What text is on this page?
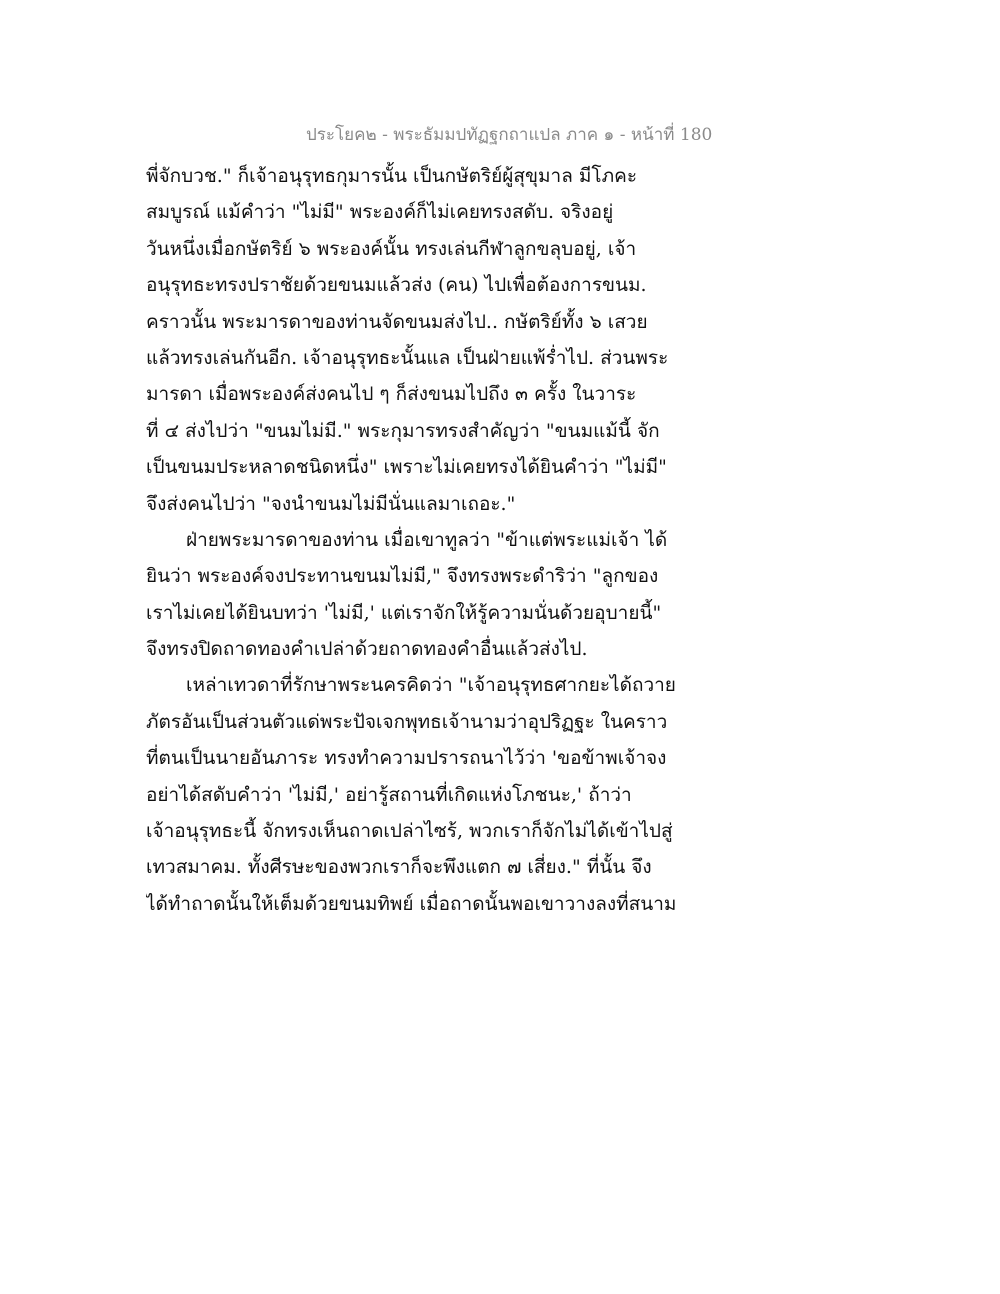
ประโยค๒ - พระธัมมปทัฏฐกถาแปล ภาค ๑ - หน้าที่ 180
พี่จักบวช." ก็เจ้าอนุรุทธกุมารนั้น เป็นกษัตริย์ผู้สุขุมาล มีโภคะ
สมบูรณ์ แม้คำว่า "ไม่มี" พระองค์ก็ไม่เคยทรงสดับ. จริงอยู่
วันหนึ่งเมื่อกษัตริย์ ๖ พระองค์นั้น ทรงเล่นกีฬาลูกขลุบอยู่, เจ้า
อนุรุทธะทรงปราชัยด้วยขนมแล้วส่ง (คน) ไปเพื่อต้องการขนม.
คราวนั้น พระมารดาของท่านจัดขนมส่งไป.. กษัตริย์ทั้ง ๖ เสวย
แล้วทรงเล่นกันอีก. เจ้าอนุรุทธะนั้นแล เป็นฝ่ายแพ้ร่ำไป. ส่วนพระ
มารดา เมื่อพระองค์ส่งคนไป ๆ ก็ส่งขนมไปถึง ๓ ครั้ง ในวาระ
ที่ ๔ ส่งไปว่า "ขนมไม่มี." พระกุมารทรงสำคัญว่า "ขนมแม้นี้ จัก
เป็นขนมประหลาดชนิดหนึ่ง" เพราะไม่เคยทรงได้ยินคำว่า "ไม่มี"
จึงส่งคนไปว่า "จงนำขนมไม่มีนั่นแลมาเถอะ."
ฝ่ายพระมารดาของท่าน เมื่อเขาทูลว่า "ข้าแต่พระแม่เจ้า ได้
ยินว่า พระองค์จงประทานขนมไม่มี," จึงทรงพระดำริว่า "ลูกของ
เราไม่เคยได้ยินบทว่า 'ไม่มี,' แต่เราจักให้รู้ความนั่นด้วยอุบายนี้"
จึงทรงปิดถาดทองคำเปล่าด้วยถาดทองคำอื่นแล้วส่งไป.
เหล่าเทวดาที่รักษาพระนครคิดว่า "เจ้าอนุรุทธศากยะได้ถวาย
ภัตรอันเป็นส่วนตัวแด่พระปัจเจกพุทธเจ้านามว่าอุปริฏฐะ ในคราว
ที่ตนเป็นนายอันภาระ ทรงทำความปรารถนาไว้ว่า 'ขอข้าพเจ้าจง
อย่าได้สดับคำว่า 'ไม่มี,' อย่ารู้สถานที่เกิดแห่งโภชนะ,' ถ้าว่า
เจ้าอนุรุทธะนี้ จักทรงเห็นถาดเปล่าไซร้, พวกเราก็จักไม่ได้เข้าไปสู่
เทวสมาคม. ทั้งศีรษะของพวกเราก็จะพึงแตก ๗ เสี่ยง." ที่นั้น จึง
ได้ทำถาดนั้นให้เต็มด้วยขนมทิพย์ เมื่อถาดนั้นพอเขาวางลงที่สนาม
